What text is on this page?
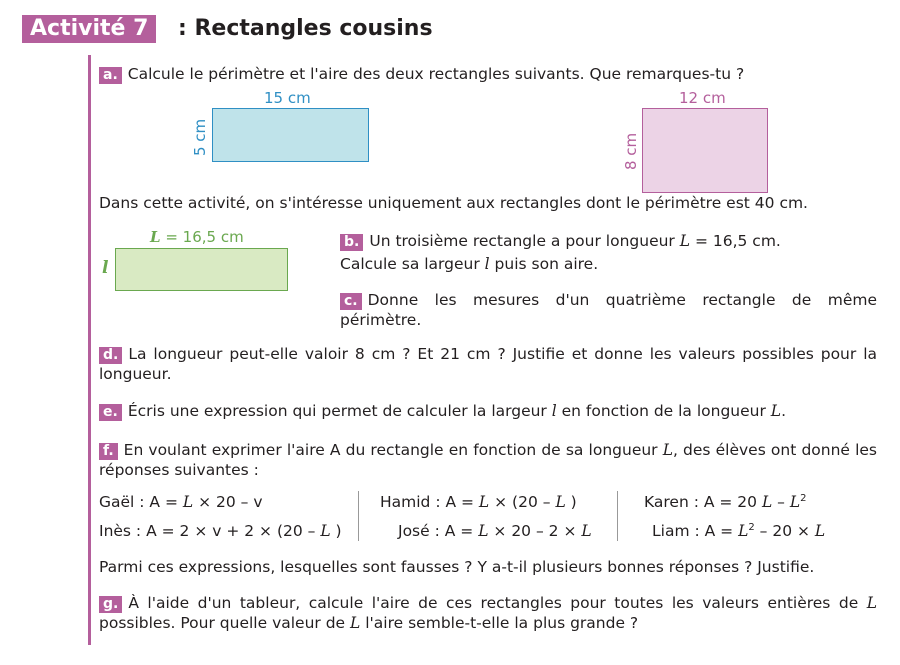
Activité 7	: Rectangles cousins
a. Calcule le périmètre et l'aire des deux rectangles suivants. Que remarques-tu ?
15 cm
5 cm
12 cm
8 cm
Dans cette activité, on s'intéresse uniquement aux rectangles dont le périmètre est 40 cm.
L = 16,5 cm
l
b. Un troisième rectangle a pour longueur L = 16,5 cm.
Calcule sa largeur l puis son aire.
c. Donne les mesures d'un quatrième rectangle de même périmètre.
d. La longueur peut-elle valoir 8 cm ? Et 21 cm ? Justifie et donne les valeurs possibles pour la longueur.
e. Écris une expression qui permet de calculer la largeur l en fonction de la longueur L.
f. En voulant exprimer l'aire A du rectangle en fonction de sa longueur L, des élèves ont donné les réponses suivantes :
Gaël : A = L × 20 – v
Inès : A = 2 × v + 2 × (20 – L )
Hamid : A = L × (20 – L )
José : A = L × 20 – 2 × L
Karen : A = 20 L – $L^2$
Liam : $A = L^2 - 20 \times L$
Parmi ces expressions, lesquelles sont fausses ? Y a-t-il plusieurs bonnes réponses ? Justifie.
g. À l'aide d'un tableur, calcule l'aire de ces rectangles pour toutes les valeurs entières de L possibles. Pour quelle valeur de L l'aire semble-t-elle la plus grande ?
